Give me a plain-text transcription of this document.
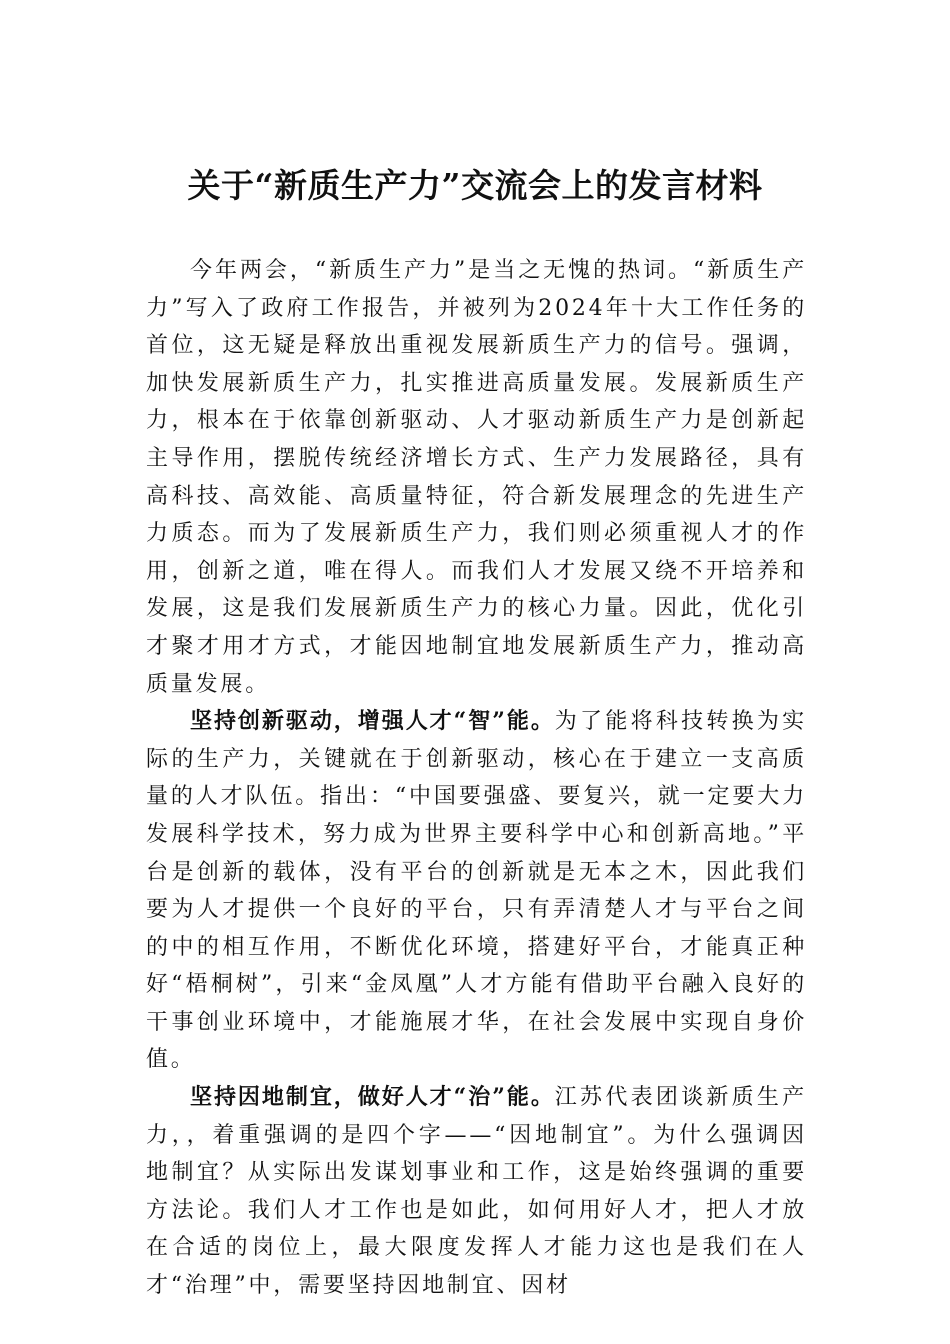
关于“新质生产力”交流会上的发言材料

今年两会，“新质生产力”是当之无愧的热词。“新质生产力”写入了政府工作报告，并被列为2024年十大工作任务的首位，这无疑是释放出重视发展新质生产力的信号。强调，加快发展新质生产力，扎实推进高质量发展。发展新质生产力，根本在于依靠创新驱动、人才驱动新质生产力是创新起主导作用，摆脱传统经济增长方式、生产力发展路径，具有高科技、高效能、高质量特征，符合新发展理念的先进生产力质态。而为了发展新质生产力，我们则必须重视人才的作用，创新之道，唯在得人。而我们人才发展又绕不开培养和发展，这是我们发展新质生产力的核心力量。因此，优化引才聚才用才方式，才能因地制宜地发展新质生产力，推动高质量发展。

坚持创新驱动，增强人才“智”能。为了能将科技转换为实际的生产力，关键就在于创新驱动，核心在于建立一支高质量的人才队伍。指出：“中国要强盛、要复兴，就一定要大力发展科学技术，努力成为世界主要科学中心和创新高地。”平台是创新的载体，没有平台的创新就是无本之木，因此我们要为人才提供一个良好的平台，只有弄清楚人才与平台之间的中的相互作用，不断优化环境，搭建好平台，才能真正种好“梧桐树”，引来“金凤凰”人才方能有借助平台融入良好的干事创业环境中，才能施展才华，在社会发展中实现自身价值。

坚持因地制宜，做好人才“治”能。江苏代表团谈新质生产力，，着重强调的是四个字——“因地制宜”。为什么强调因地制宜？从实际出发谋划事业和工作，这是始终强调的重要方法论。我们人才工作也是如此，如何用好人才，把人才放在合适的岗位上，最大限度发挥人才能力这也是我们在人才“治理”中，需要坚持因地制宜、因材
